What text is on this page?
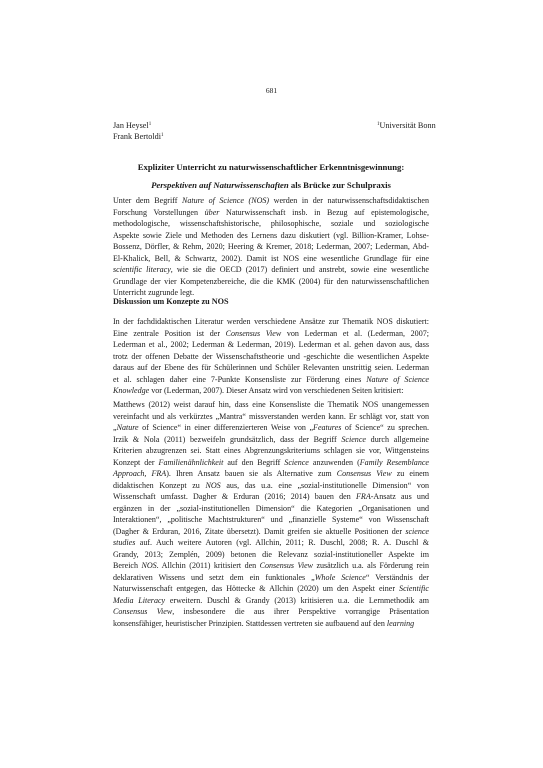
681
Jan Heysel$^1$
Frank Bertoldi$^1$
$^1$Universität Bonn
Expliziter Unterricht zu naturwissenschaftlicher Erkenntnisgewinnung:
Perspektiven auf Naturwissenschaften als Brücke zur Schulpraxis
Unter dem Begriff Nature of Science (NOS) werden in der naturwissenschaftsdidaktischen
Forschung Vorstellungen über Naturwissenschaft insb. in Bezug auf epistemologische,
methodologische, wissenschaftshistorische, philosophische, soziale und soziologische
Aspekte sowie Ziele und Methoden des Lernens dazu diskutiert (vgl. Billion-Kramer, Lohse-
Bossenz, Dörfler, & Rehm, 2020; Heering & Kremer, 2018; Lederman, 2007; Lederman, Abd-
El-Khalick, Bell, & Schwartz, 2002). Damit ist NOS eine wesentliche Grundlage für eine
scientific literacy, wie sie die OECD (2017) definiert und anstrebt, sowie eine wesentliche
Grundlage der vier Kompetenzbereiche, die die KMK (2004) für den naturwissenschaftlichen
Unterricht zugrunde legt.
Diskussion um Konzepte zu NOS
In der fachdidaktischen Literatur werden verschiedene Ansätze zur Thematik NOS diskutiert:
Eine zentrale Position ist der Consensus View von Lederman et al. (Lederman, 2007;
Lederman et al., 2002; Lederman & Lederman, 2019). Lederman et al. gehen davon aus, dass
trotz der offenen Debatte der Wissenschaftstheorie und -geschichte die wesentlichen Aspekte
daraus auf der Ebene des für Schülerinnen und Schüler Relevanten unstrittig seien. Lederman
et al. schlagen daher eine 7-Punkte Konsensliste zur Förderung eines Nature of Science
Knowledge vor (Lederman, 2007). Dieser Ansatz wird von verschiedenen Seiten kritisiert:
Matthews (2012) weist darauf hin, dass eine Konsensliste die Thematik NOS unangemessen
vereinfacht und als verkürztes „Mantra“ missverstanden werden kann. Er schlägt vor, statt von
„Nature of Science“ in einer differenzierteren Weise von „Features of Science“ zu sprechen.
Irzik & Nola (2011) bezweifeln grundsätzlich, dass der Begriff Science durch allgemeine
Kriterien abzugrenzen sei. Statt eines Abgrenzungskriteriums schlagen sie vor, Wittgensteins
Konzept der Familienähnlichkeit auf den Begriff Science anzuwenden (Family Resemblance
Approach, FRA). Ihren Ansatz bauen sie als Alternative zum Consensus View zu einem
didaktischen Konzept zu NOS aus, das u.a. eine „sozial-institutionelle Dimension“ von
Wissenschaft umfasst. Dagher & Erduran (2016; 2014) bauen den FRA-Ansatz aus und
ergänzen in der „sozial-institutionellen Dimension“ die Kategorien „Organisationen und
Interaktionen“, „politische Machtstrukturen“ und „finanzielle Systeme“ von Wissenschaft
(Dagher & Erduran, 2016, Zitate übersetzt). Damit greifen sie aktuelle Positionen der science
studies auf. Auch weitere Autoren (vgl. Allchin, 2011; R. Duschl, 2008; R. A. Duschl &
Grandy, 2013; Zemplén, 2009) betonen die Relevanz sozial-institutioneller Aspekte im
Bereich NOS. Allchin (2011) kritisiert den Consensus View zusätzlich u.a. als Förderung rein
deklarativen Wissens und setzt dem ein funktionales „Whole Science“ Verständnis der
Naturwissenschaft entgegen, das Höttecke & Allchin (2020) um den Aspekt einer Scientific
Media Literacy erweitern. Duschl & Grandy (2013) kritisieren u.a. die Lernmethodik am
Consensus View, insbesondere die aus ihrer Perspektive vorrangige Präsentation
konsensfähiger, heuristischer Prinzipien. Stattdessen vertreten sie aufbauend auf den learning
